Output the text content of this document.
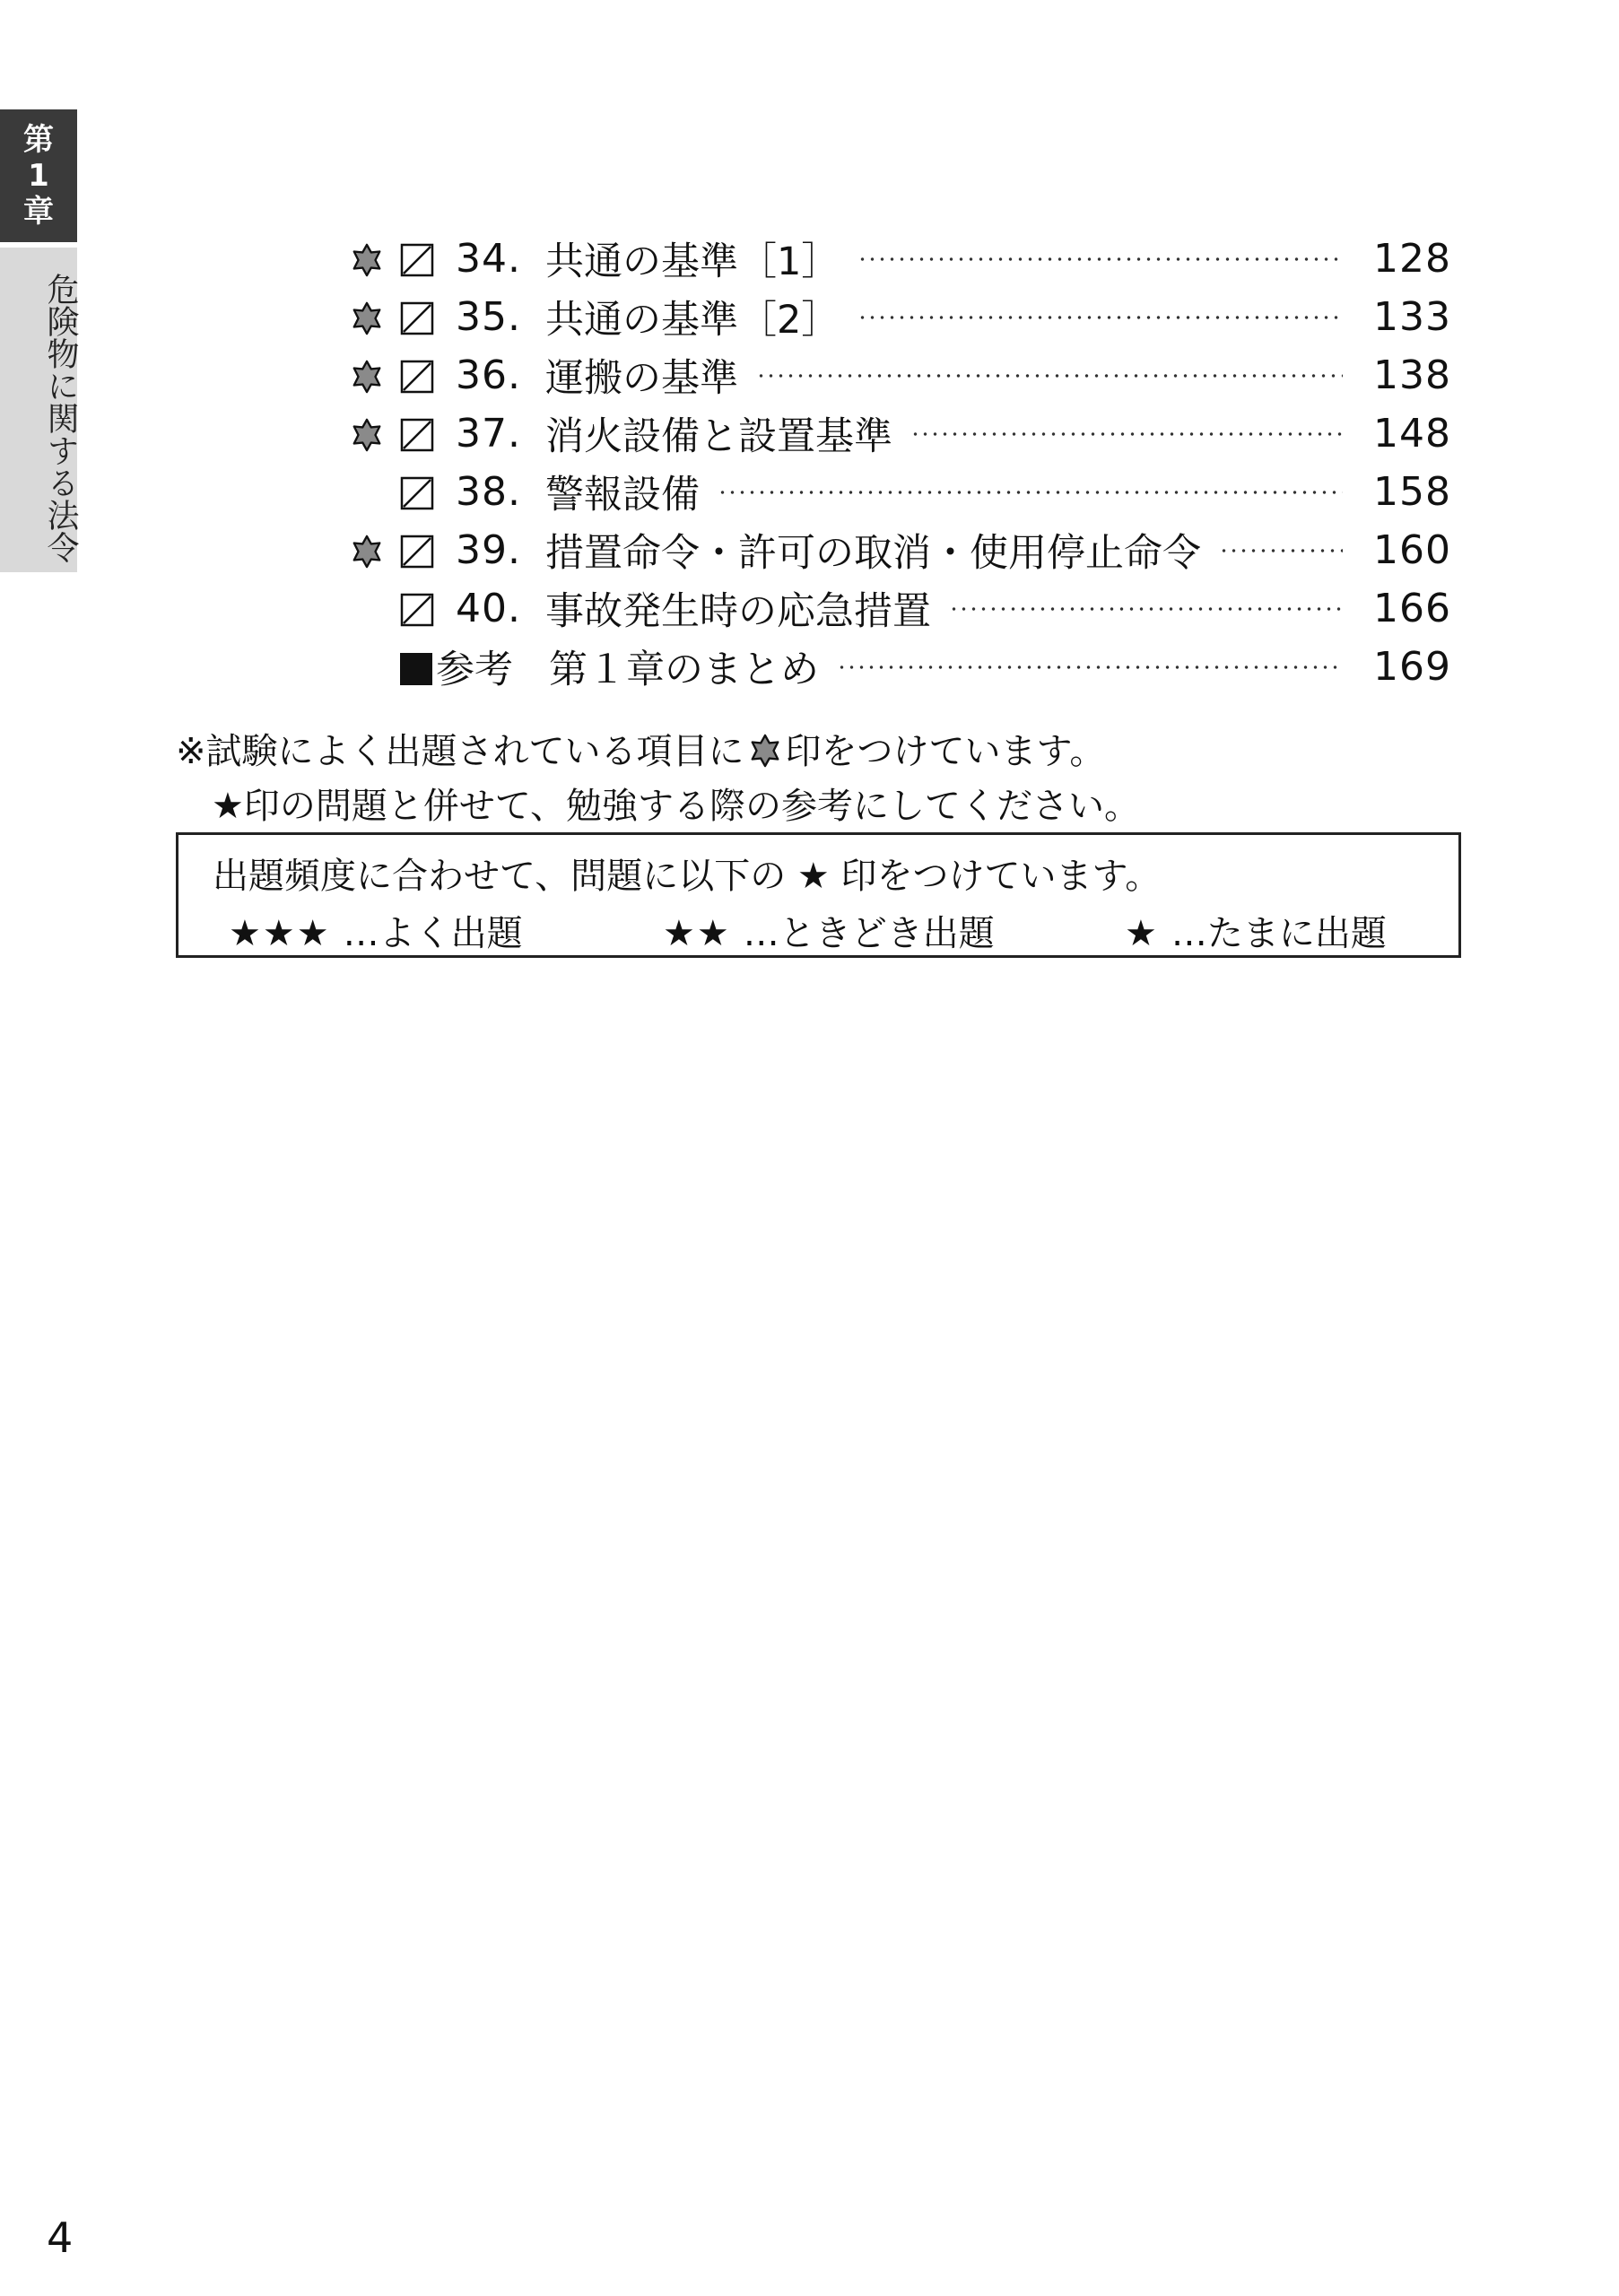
第
1
章
危険物に関する法令
34. 共通の基準［1］	128
35. 共通の基準［2］	133
36. 運搬の基準	138
37. 消火設備と設置基準	148
38. 警報設備	158
39. 措置命令・許可の取消・使用停止命令	160
40. 事故発生時の応急措置	166
参考 第１章のまとめ	169
※試験によく出題されている項目に 印をつけています。
★印の問題と併せて、勉強する際の参考にしてください。
出題頻度に合わせて、問題に以下の ★ 印をつけています。
★★★ …よく出題	★★ …ときどき出題	★ …たまに出題
4
